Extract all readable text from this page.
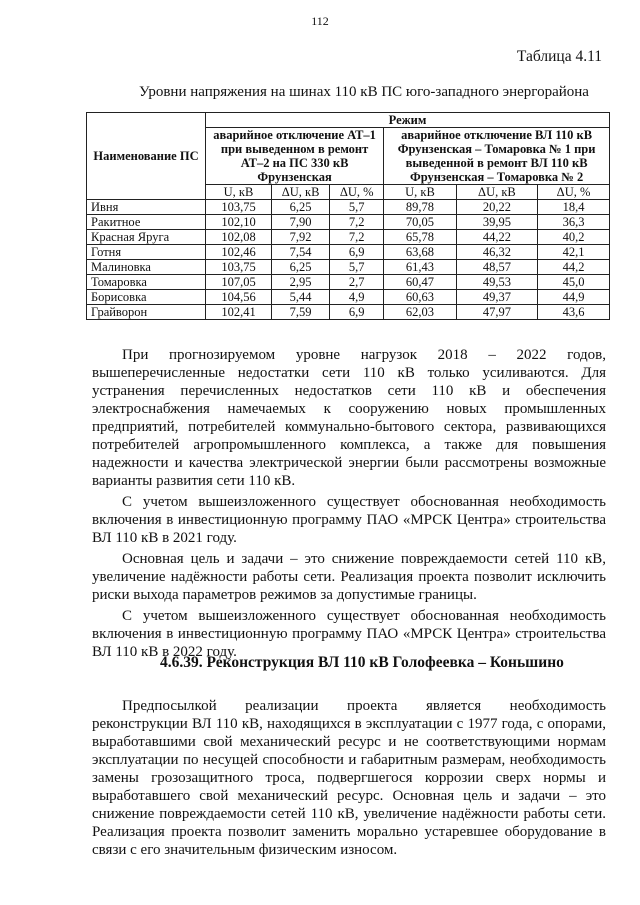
112
Таблица 4.11
Уровни напряжения на шинах 110 кВ ПС юго-западного энергорайона
Наименование ПС	Режим					
	аварийное отключение АТ–1 при выведенном в ремонт АТ–2 на ПС 330 кВ Фрунзенская			аварийное отключение ВЛ 110 кВ Фрунзенская – Томаровка № 1 при выведенной в ремонт ВЛ 110 кВ Фрунзенская – Томаровка № 2		
	U, кВ	ΔU, кВ	ΔU, %	U, кВ	ΔU, кВ	ΔU, %
Ивня	103,75	6,25	5,7	89,78	20,22	18,4
Ракитное	102,10	7,90	7,2	70,05	39,95	36,3
Красная Яруга	102,08	7,92	7,2	65,78	44,22	40,2
Готня	102,46	7,54	6,9	63,68	46,32	42,1
Малиновка	103,75	6,25	5,7	61,43	48,57	44,2
Томаровка	107,05	2,95	2,7	60,47	49,53	45,0
Борисовка	104,56	5,44	4,9	60,63	49,37	44,9
Грайворон	102,41	7,59	6,9	62,03	47,97	43,6

При прогнозируемом уровне нагрузок 2018 – 2022 годов, вышеперечисленные недостатки сети 110 кВ только усиливаются. Для устранения перечисленных недостатков сети 110 кВ и обеспечения электроснабжения намечаемых к сооружению новых промышленных предприятий, потребителей коммунально-бытового сектора, развивающихся потребителей агропромышленного комплекса, а также для повышения надежности и качества электрической энергии были рассмотрены возможные варианты развития сети 110 кВ.

С учетом вышеизложенного существует обоснованная необходимость включения в инвестиционную программу ПАО «МРСК Центра» строительства ВЛ 110 кВ в 2021 году.

Основная цель и задачи – это снижение повреждаемости сетей 110 кВ, увеличение надёжности работы сети. Реализация проекта позволит исключить риски выхода параметров режимов за допустимые границы.

С учетом вышеизложенного существует обоснованная необходимость включения в инвестиционную программу ПАО «МРСК Центра» строительства ВЛ 110 кВ в 2022 году.

4.6.39. Реконструкция ВЛ 110 кВ Голофеевка – Коньшино

Предпосылкой реализации проекта является необходимость реконструкции ВЛ 110 кВ, находящихся в эксплуатации с 1977 года, с опорами, выработавшими свой механический ресурс и не соответствующими нормам эксплуатации по несущей способности и габаритным размерам, необходимость замены грозозащитного троса, подвергшегося коррозии сверх нормы и выработавшего свой механический ресурс. Основная цель и задачи – это снижение повреждаемости сетей 110 кВ, увеличение надёжности работы сети. Реализация проекта позволит заменить морально устаревшее оборудование в связи с его значительным физическим износом.
